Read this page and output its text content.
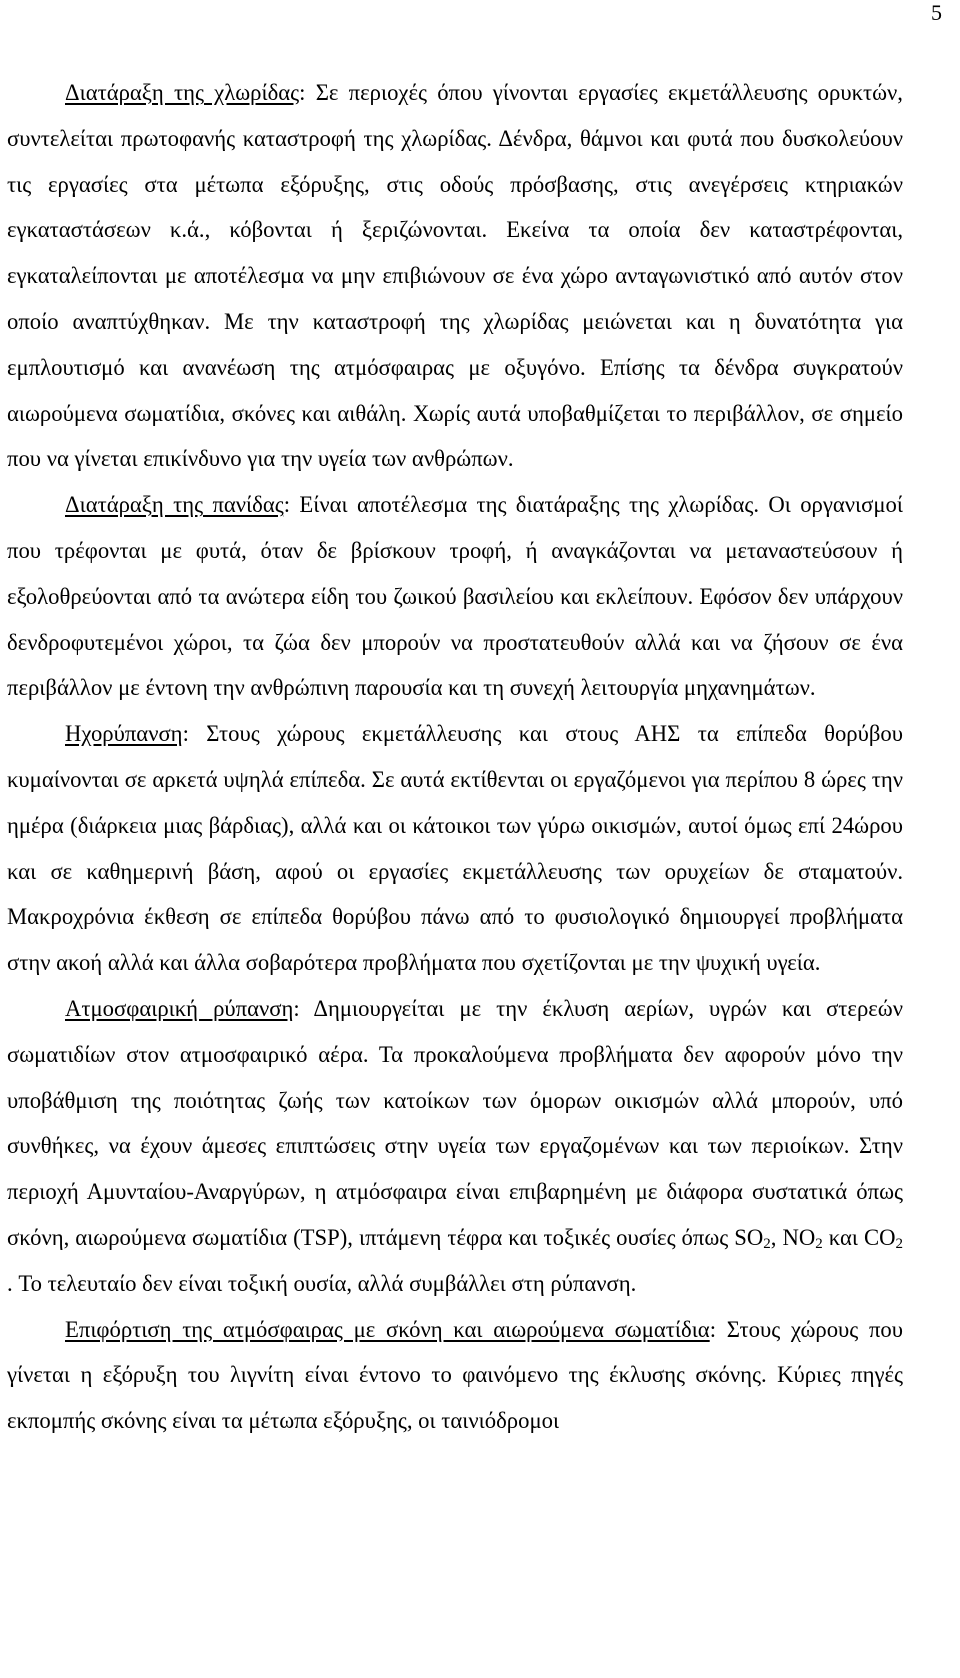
5

Διατάραξη της χλωρίδας: Σε περιοχές όπου γίνονται εργασίες εκμετάλλευσης ορυκτών, συντελείται πρωτοφανής καταστροφή της χλωρίδας. Δένδρα, θάμνοι και φυτά που δυσκολεύουν τις εργασίες στα μέτωπα εξόρυξης, στις οδούς πρόσβασης, στις ανεγέρσεις κτηριακών εγκαταστάσεων κ.ά., κόβονται ή ξεριζώνονται. Εκείνα τα οποία δεν καταστρέφονται, εγκαταλείπονται με αποτέλεσμα να μην επιβιώνουν σε ένα χώρο ανταγωνιστικό από αυτόν στον οποίο αναπτύχθηκαν. Με την καταστροφή της χλωρίδας μειώνεται και η δυνατότητα για εμπλουτισμό και ανανέωση της ατμόσφαιρας με οξυγόνο. Επίσης τα δένδρα συγκρατούν αιωρούμενα σωματίδια, σκόνες και αιθάλη. Χωρίς αυτά υποβαθμίζεται το περιβάλλον, σε σημείο που να γίνεται επικίνδυνο για την υγεία των ανθρώπων.

Διατάραξη της πανίδας: Είναι αποτέλεσμα της διατάραξης της χλωρίδας. Οι οργανισμοί που τρέφονται με φυτά, όταν δε βρίσκουν τροφή, ή αναγκάζονται να μεταναστεύσουν ή εξολοθρεύονται από τα ανώτερα είδη του ζωικού βασιλείου και εκλείπουν. Εφόσον δεν υπάρχουν δενδροφυτεμένοι χώροι, τα ζώα δεν μπορούν να προστατευθούν αλλά και να ζήσουν σε ένα περιβάλλον με έντονη την ανθρώπινη παρουσία και τη συνεχή λειτουργία μηχανημάτων.

Ηχορύπανση: Στους χώρους εκμετάλλευσης και στους ΑΗΣ τα επίπεδα θορύβου κυμαίνονται σε αρκετά υψηλά επίπεδα. Σε αυτά εκτίθενται οι εργαζόμενοι για περίπου 8 ώρες την ημέρα (διάρκεια μιας βάρδιας), αλλά και οι κάτοικοι των γύρω οικισμών, αυτοί όμως επί 24ώρου και σε καθημερινή βάση, αφού οι εργασίες εκμετάλλευσης των ορυχείων δε σταματούν. Μακροχρόνια έκθεση σε επίπεδα θορύβου πάνω από το φυσιολογικό δημιουργεί προβλήματα στην ακοή αλλά και άλλα σοβαρότερα προβλήματα που σχετίζονται με την ψυχική υγεία.

Ατμοσφαιρική ρύπανση: Δημιουργείται με την έκλυση αερίων, υγρών και στερεών σωματιδίων στον ατμοσφαιρικό αέρα. Τα προκαλούμενα προβλήματα δεν αφορούν μόνο την υποβάθμιση της ποιότητας ζωής των κατοίκων των όμορων οικισμών αλλά μπορούν, υπό συνθήκες, να έχουν άμεσες επιπτώσεις στην υγεία των εργαζομένων και των περιοίκων. Στην περιοχή Αμυνταίου-Αναργύρων, η ατμόσφαιρα είναι επιβαρημένη με διάφορα συστατικά όπως σκόνη, αιωρούμενα σωματίδια (TSP), ιπτάμενη τέφρα και τοξικές ουσίες όπως $SO_2$, $NO_2$ και $CO_2$ . Το τελευταίο δεν είναι τοξική ουσία, αλλά συμβάλλει στη ρύπανση.

Επιφόρτιση της ατμόσφαιρας με σκόνη και αιωρούμενα σωματίδια: Στους χώρους που γίνεται η εξόρυξη του λιγνίτη είναι έντονο το φαινόμενο της έκλυσης σκόνης. Κύριες πηγές εκπομπής σκόνης είναι τα μέτωπα εξόρυξης, οι ταινιόδρομοι
